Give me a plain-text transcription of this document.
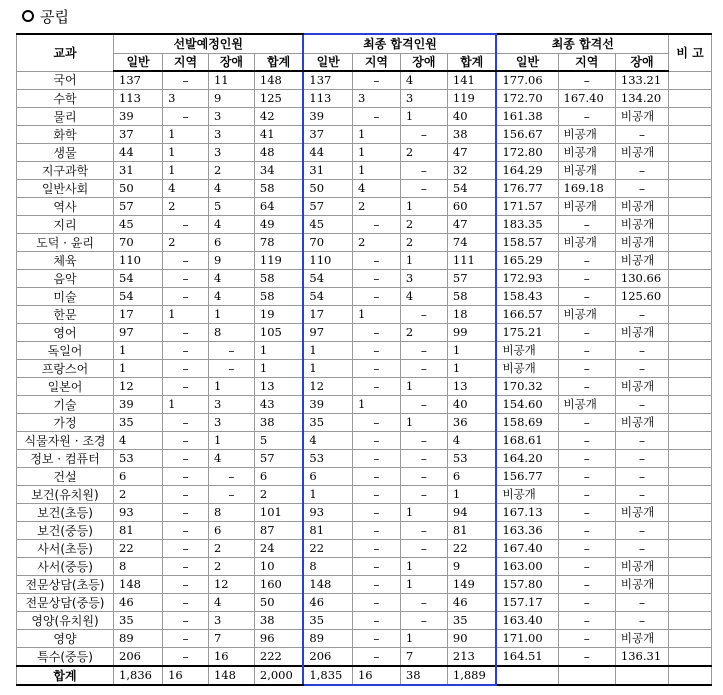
공립
교과	선발예정인원				최종 합격인원				최종 합격선			비 고
	일반	지역	장애	합계	일반	지역	장애	합계	일반	지역	장애	
국어	137	–	11	148	137	–	4	141	177.06	–	133.21	
수학	113	3	9	125	113	3	3	119	172.70	167.40	134.20	
물리	39	–	3	42	39	–	1	40	161.38	–	비공개	
화학	37	1	3	41	37	1	–	38	156.67	비공개	–	
생물	44	1	3	48	44	1	2	47	172.80	비공개	비공개	
지구과학	31	1	2	34	31	1	–	32	164.29	비공개	–	
일반사회	50	4	4	58	50	4	–	54	176.77	169.18	–	
역사	57	2	5	64	57	2	1	60	171.57	비공개	비공개	
지리	45	–	4	49	45	–	2	47	183.35	–	비공개	
도덕 · 윤리	70	2	6	78	70	2	2	74	158.57	비공개	비공개	
체육	110	–	9	119	110	–	1	111	165.29	–	비공개	
음악	54	–	4	58	54	–	3	57	172.93	–	130.66	
미술	54	–	4	58	54	–	4	58	158.43	–	125.60	
한문	17	1	1	19	17	1	–	18	166.57	비공개	–	
영어	97	–	8	105	97	–	2	99	175.21	–	비공개	
독일어	1	–	–	1	1	–	–	1	비공개	–	–	
프랑스어	1	–	–	1	1	–	–	1	비공개	–	–	
일본어	12	–	1	13	12	–	1	13	170.32	–	비공개	
기술	39	1	3	43	39	1	–	40	154.60	비공개	–	
가정	35	–	3	38	35	–	1	36	158.69	–	비공개	
식물자원 · 조경	4	–	1	5	4	–	–	4	168.61	–	–	
정보 · 컴퓨터	53	–	4	57	53	–	–	53	164.20	–	–	
건설	6	–	–	6	6	–	–	6	156.77	–	–	
보건(유치원)	2	–	–	2	1	–	–	1	비공개	–	–	
보건(초등)	93	–	8	101	93	–	1	94	167.13	–	비공개	
보건(중등)	81	–	6	87	81	–	–	81	163.36	–	–	
사서(초등)	22	–	2	24	22	–	–	22	167.40	–	–	
사서(중등)	8	–	2	10	8	–	1	9	163.00	–	비공개	
전문상담(초등)	148	–	12	160	148	–	1	149	157.80	–	비공개	
전문상담(중등)	46	–	4	50	46	–	–	46	157.17	–	–	
영양(유치원)	35	–	3	38	35	–	–	35	163.40	–	–	
영양	89	–	7	96	89	–	1	90	171.00	–	비공개	
특수(중등)	206	–	16	222	206	–	7	213	164.51	–	136.31	
합계	1,836	16	148	2,000	1,835	16	38	1,889				
